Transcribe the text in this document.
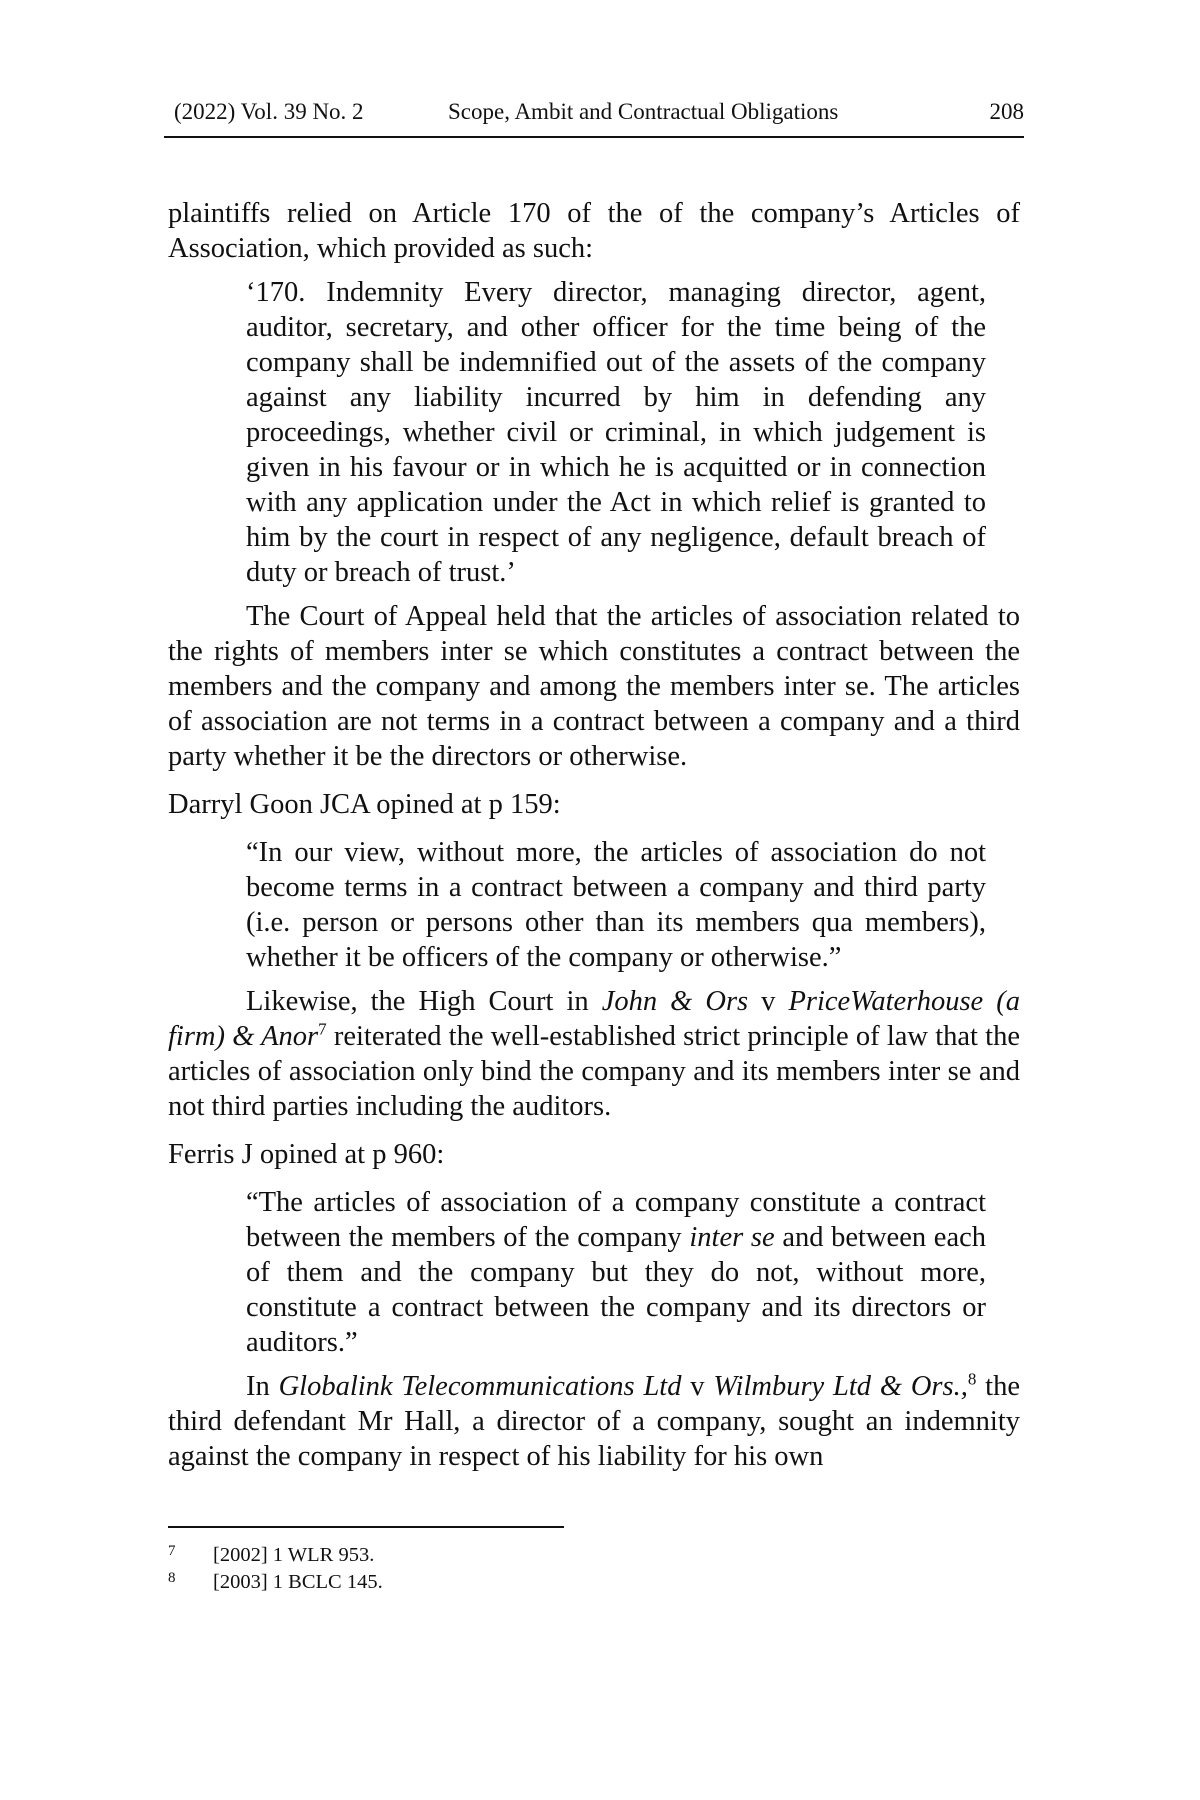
(2022) Vol. 39 No. 2	Scope, Ambit and Contractual Obligations	208

plaintiffs relied on Article 170 of the of the company’s Articles of Association, which provided as such:

‘170. Indemnity Every director, managing director, agent, auditor, secretary, and other officer for the time being of the company shall be indemnified out of the assets of the company against any liability incurred by him in defending any proceedings, whether civil or criminal, in which judgement is given in his favour or in which he is acquitted or in connection with any application under the Act in which relief is granted to him by the court in respect of any negligence, default breach of duty or breach of trust.’

The Court of Appeal held that the articles of association related to the rights of members inter se which constitutes a contract between the members and the company and among the members inter se. The articles of association are not terms in a contract between a company and a third party whether it be the directors or otherwise.

Darryl Goon JCA opined at p 159:

“In our view, without more, the articles of association do not become terms in a contract between a company and third party (i.e. person or persons other than its members qua members), whether it be officers of the company or otherwise.”

Likewise, the High Court in John & Ors v PriceWaterhouse (a firm) & Anor$^7$ reiterated the well-established strict principle of law that the articles of association only bind the company and its members inter se and not third parties including the auditors.

Ferris J opined at p 960:

“The articles of association of a company constitute a contract between the members of the company inter se and between each of them and the company but they do not, without more, constitute a contract between the company and its directors or auditors.”

In Globalink Telecommunications Ltd v Wilmbury Ltd & Ors.,$^8$ the third defendant Mr Hall, a director of a company, sought an indemnity against the company in respect of his liability for his own

7 [2002] 1 WLR 953.
8 [2003] 1 BCLC 145.
